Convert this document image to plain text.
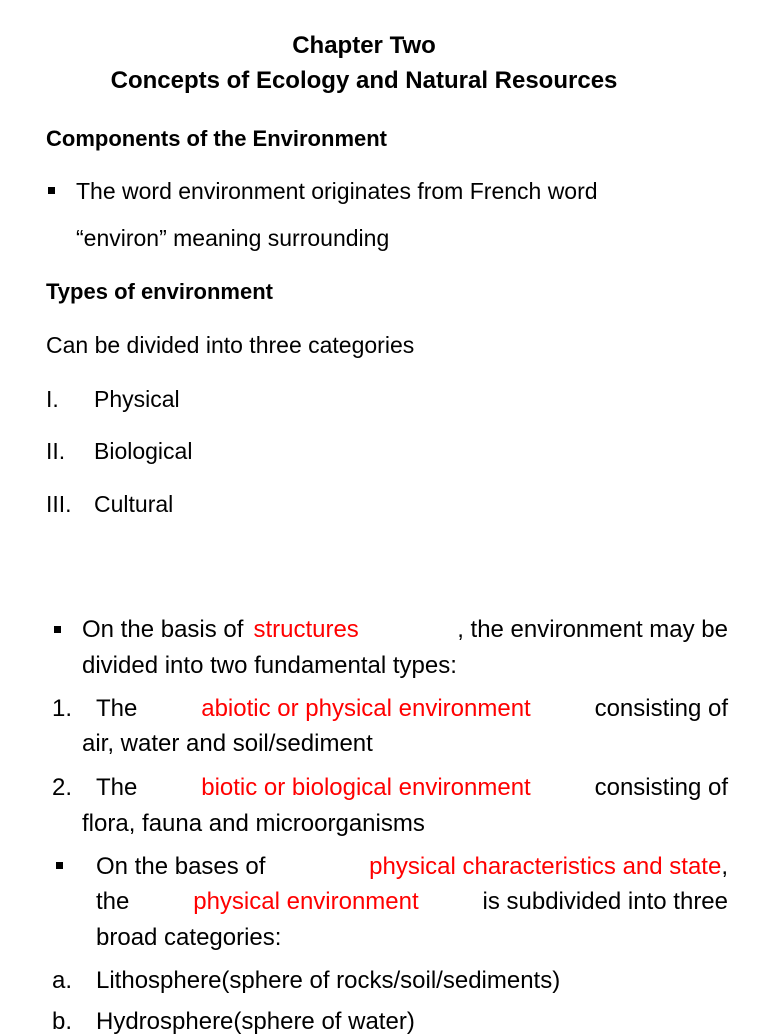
Chapter Two
Concepts of Ecology and Natural Resources
Components of the Environment
The word environment originates from French word
“environ” meaning surrounding
Types of environment
Can be divided into three categories
I. Physical
II. Biological
III. Cultural
On the basis of structures	, the environment may be
divided into two fundamental types:
1. The	abiotic or physical environment	consisting of
air, water and soil/sediment
2. The	biotic or biological environment	consisting of
flora, fauna and microorganisms
On the bases of	physical characteristics and state,
the	physical environment	is subdivided into three
broad categories:
a. Lithosphere(sphere of rocks/soil/sediments)
b. Hydrosphere(sphere of water)
